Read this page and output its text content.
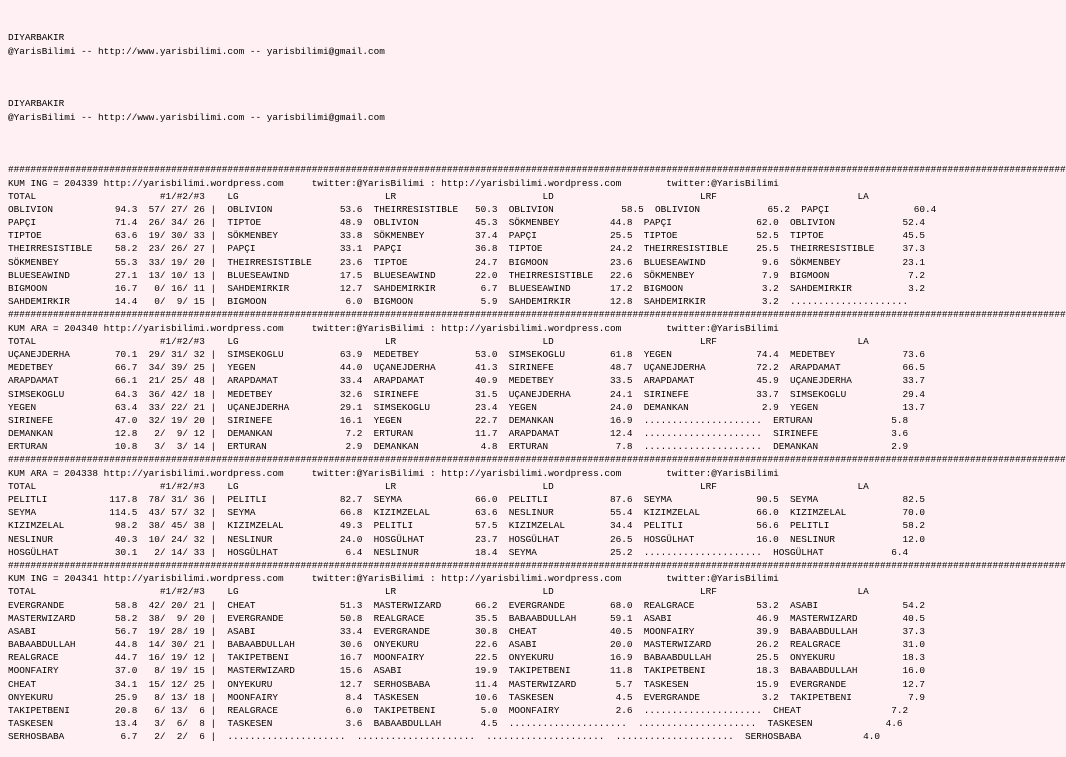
DIYARBAKIR
@YarisBilimi -- http://www.yarisbilimi.com -- yarisbilimi@gmail.com
DIYARBAKIR
@YarisBilimi -- http://www.yarisbilimi.com -- yarisbilimi@gmail.com

############################################################################################################################################################################################
KUM ING = 204339 http://yarisbilimi.wordpress.com     twitter:@YarisBilimi : http://yarisbilimi.wordpress.com        twitter:@YarisBilimi
TOTAL                      #1/#2/#3    LG                          LR                          LD                          LRF                         LA
OBLIVION           94.3  57/ 27/ 26 |  OBLIVION            53.6  THEIRRESISTIBLE   50.3  OBLIVION            58.5  OBLIVION            65.2  PAPÇI               60.4
PAPÇI              71.4  26/ 34/ 26 |  TIPTOE              48.9  OBLIVION          45.3  SÖKMENBEY         44.8  PAPÇI               62.0  OBLIVION            52.4
TIPTOE             63.6  19/ 30/ 33 |  SÖKMENBEY           33.8  SÖKMENBEY         37.4  PAPÇI             25.5  TIPTOE              52.5  TIPTOE              45.5
THEIRRESISTIBLE    58.2  23/ 26/ 27 |  PAPÇI               33.1  PAPÇI             36.8  TIPTOE            24.2  THEIRRESISTIBLE     25.5  THEIRRESISTIBLE     37.3
SÖKMENBEY          55.3  33/ 19/ 20 |  THEIRRESISTIBLE     23.6  TIPTOE            24.7  BIGMOON           23.6  BLUESEAWIND          9.6  SÖKMENBEY           23.1
BLUESEAWIND        27.1  13/ 10/ 13 |  BLUESEAWIND         17.5  BLUESEAWIND       22.0  THEIRRESISTIBLE   22.6  SÖKMENBEY            7.9  BIGMOON              7.2
BIGMOON            16.7   0/ 16/ 11 |  SAHDEMIRKIR         12.7  SAHDEMIRKIR        6.7  BLUESEAWIND       17.2  BIGMOON              3.2  SAHDEMIRKIR          3.2
SAHDEMIRKIR        14.4   0/  9/ 15 |  BIGMOON              6.0  BIGMOON            5.9  SAHDEMIRKIR       12.8  SAHDEMIRKIR          3.2  .....................
############################################################################################################################################################################################
KUM ARA = 204340 http://yarisbilimi.wordpress.com     twitter:@YarisBilimi : http://yarisbilimi.wordpress.com        twitter:@YarisBilimi
TOTAL                      #1/#2/#3    LG                          LR                          LD                          LRF                         LA
UÇANEJDERHA        70.1  29/ 31/ 32 |  SIMSEKOGLU          63.9  MEDETBEY          53.0  SIMSEKOGLU        61.8  YEGEN               74.4  MEDETBEY            73.6
MEDETBEY           66.7  34/ 39/ 25 |  YEGEN               44.0  UÇANEJDERHA       41.3  SIRINEFE          48.7  UÇANEJDERHA         72.2  ARAPDAMAT           66.5
ARAPDAMAT          66.1  21/ 25/ 48 |  ARAPDAMAT           33.4  ARAPDAMAT         40.9  MEDETBEY          33.5  ARAPDAMAT           45.9  UÇANEJDERHA         33.7
SIMSEKOGLU         64.3  36/ 42/ 18 |  MEDETBEY            32.6  SIRINEFE          31.5  UÇANEJDERHA       24.1  SIRINEFE            33.7  SIMSEKOGLU          29.4
YEGEN              63.4  33/ 22/ 21 |  UÇANEJDERHA         29.1  SIMSEKOGLU        23.4  YEGEN             24.0  DEMANKAN             2.9  YEGEN               13.7
SIRINEFE           47.0  32/ 19/ 20 |  SIRINEFE            16.1  YEGEN             22.7  DEMANKAN          16.9  .....................  ERTURAN              5.8
DEMANKAN           12.8   2/  9/ 12 |  DEMANKAN             7.2  ERTURAN           11.7  ARAPDAMAT         12.4  .....................  SIRINEFE             3.6
ERTURAN            10.8   3/  3/ 14 |  ERTURAN              2.9  DEMANKAN           4.8  ERTURAN            7.8  .....................  DEMANKAN             2.9
############################################################################################################################################################################################
KUM ARA = 204338 http://yarisbilimi.wordpress.com     twitter:@YarisBilimi : http://yarisbilimi.wordpress.com        twitter:@YarisBilimi
TOTAL                      #1/#2/#3    LG                          LR                          LD                          LRF                         LA
PELITLI           117.8  78/ 31/ 36 |  PELITLI             82.7  SEYMA             66.0  PELITLI           87.6  SEYMA               90.5  SEYMA               82.5
SEYMA             114.5  43/ 57/ 32 |  SEYMA               66.8  KIZIMZELAL        63.6  NESLINUR          55.4  KIZIMZELAL          66.0  KIZIMZELAL          70.0
KIZIMZELAL         98.2  38/ 45/ 38 |  KIZIMZELAL          49.3  PELITLI           57.5  KIZIMZELAL        34.4  PELITLI             56.6  PELITLI             58.2
NESLINUR           40.3  10/ 24/ 32 |  NESLINUR            24.0  HOSGÜLHAT         23.7  HOSGÜLHAT         26.5  HOSGÜLHAT           16.0  NESLINUR            12.0
HOSGÜLHAT          30.1   2/ 14/ 33 |  HOSGÜLHAT            6.4  NESLINUR          18.4  SEYMA             25.2  .....................  HOSGÜLHAT            6.4
############################################################################################################################################################################################
KUM ING = 204341 http://yarisbilimi.wordpress.com     twitter:@YarisBilimi : http://yarisbilimi.wordpress.com        twitter:@YarisBilimi
TOTAL                      #1/#2/#3    LG                          LR                          LD                          LRF                         LA
EVERGRANDE         58.8  42/ 20/ 21 |  CHEAT               51.3  MASTERWIZARD      66.2  EVERGRANDE        68.0  REALGRACE           53.2  ASABI               54.2
MASTERWIZARD       58.2  38/  9/ 20 |  EVERGRANDE          50.8  REALGRACE         35.5  BABAABDULLAH      59.1  ASABI               46.9  MASTERWIZARD        40.5
ASABI              56.7  19/ 28/ 19 |  ASABI               33.4  EVERGRANDE        30.8  CHEAT             40.5  MOONFAIRY           39.9  BABAABDULLAH        37.3
BABAABDULLAH       44.8  14/ 30/ 21 |  BABAABDULLAH        30.6  ONYEKURU          22.6  ASABI             20.0  MASTERWIZARD        26.2  REALGRACE           31.0
REALGRACE          44.7  16/ 19/ 12 |  TAKIPETBENI         16.7  MOONFAIRY         22.5  ONYEKURU          16.9  BABAABDULLAH        25.5  ONYEKURU            18.3
MOONFAIRY          37.0   8/ 19/ 15 |  MASTERWIZARD        15.6  ASABI             19.9  TAKIPETBENI       11.8  TAKIPETBENI         18.3  BABAABDULLAH        16.0
CHEAT              34.1  15/ 12/ 25 |  ONYEKURU            12.7  SERHOSBABA        11.4  MASTERWIZARD       5.7  TASKESEN            15.9  EVERGRANDE          12.7
ONYEKURU           25.9   8/ 13/ 18 |  MOONFAIRY            8.4  TASKESEN          10.6  TASKESEN           4.5  EVERGRANDE           3.2  TAKIPETBENI          7.9
TAKIPETBENI        20.8   6/ 13/  6 |  REALGRACE            6.0  TAKIPETBENI        5.0  MOONFAIRY          2.6  .....................  CHEAT                7.2
TASKESEN           13.4   3/  6/  8 |  TASKESEN             3.6  BABAABDULLAH       4.5  .....................  .....................  TASKESEN             4.6
SERHOSBABA          6.7   2/  2/  6 |  .....................  .....................  .....................  .....................  SERHOSBABA           4.0
